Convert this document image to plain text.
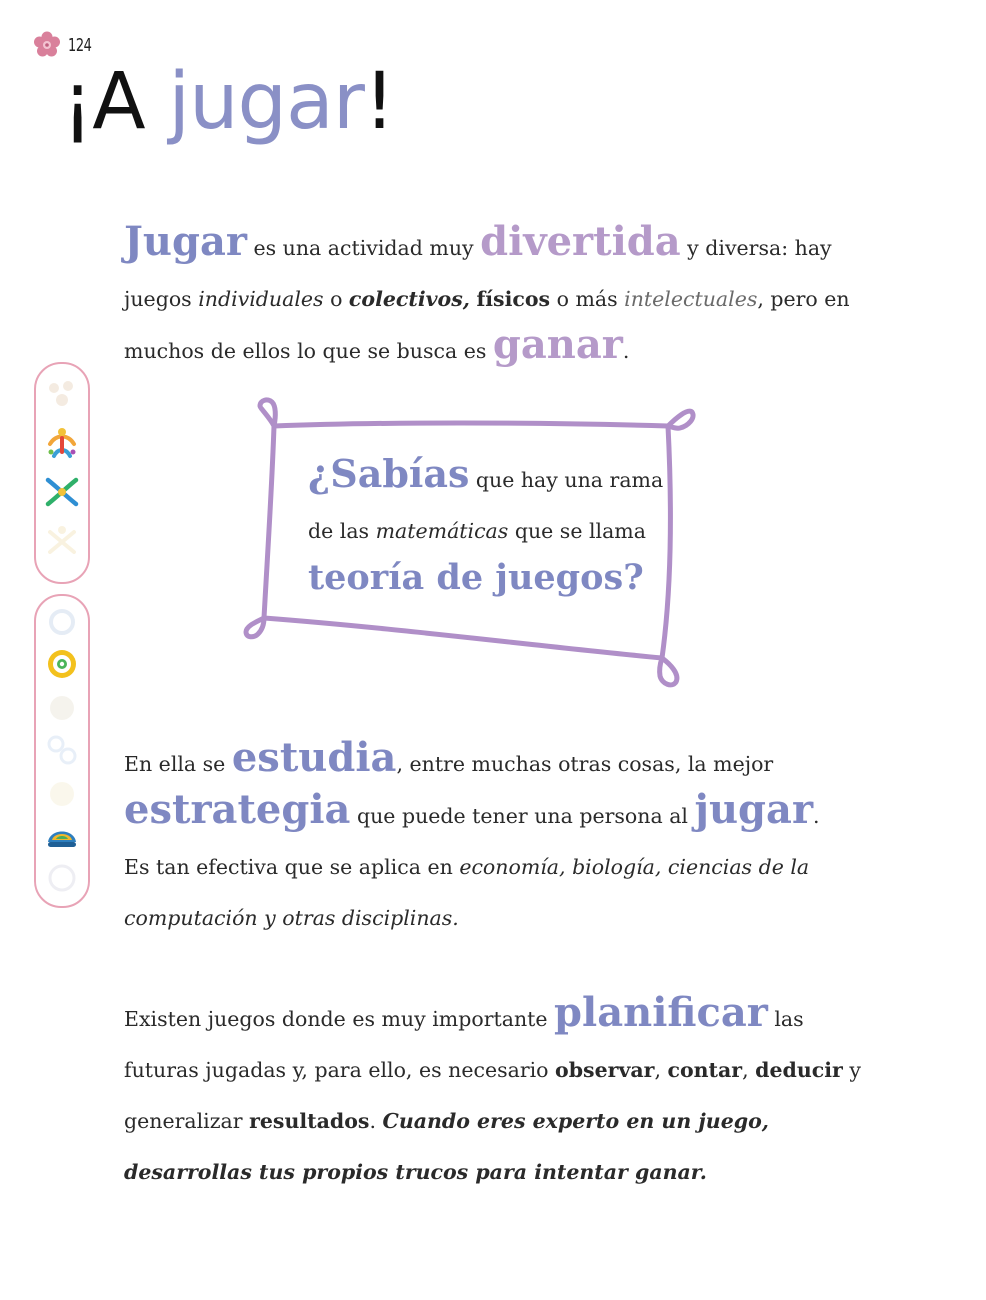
124
¡A jugar!

Jugar es una actividad muy divertida y diversa: hay juegos individuales o colectivos, físicos o más intelectuales, pero en muchos de ellos lo que se busca es ganar.

¿Sabías que hay una rama de las matemáticas que se llama
teoría de juegos?

En ella se estudia, entre muchas otras cosas, la mejor estrategia que puede tener una persona al jugar.
Es tan efectiva que se aplica en economía, biología, ciencias de la computación y otras disciplinas.

Existen juegos donde es muy importante planificar las futuras jugadas y, para ello, es necesario observar, contar, deducir y generalizar resultados. Cuando eres experto en un juego, desarrollas tus propios trucos para intentar ganar.
